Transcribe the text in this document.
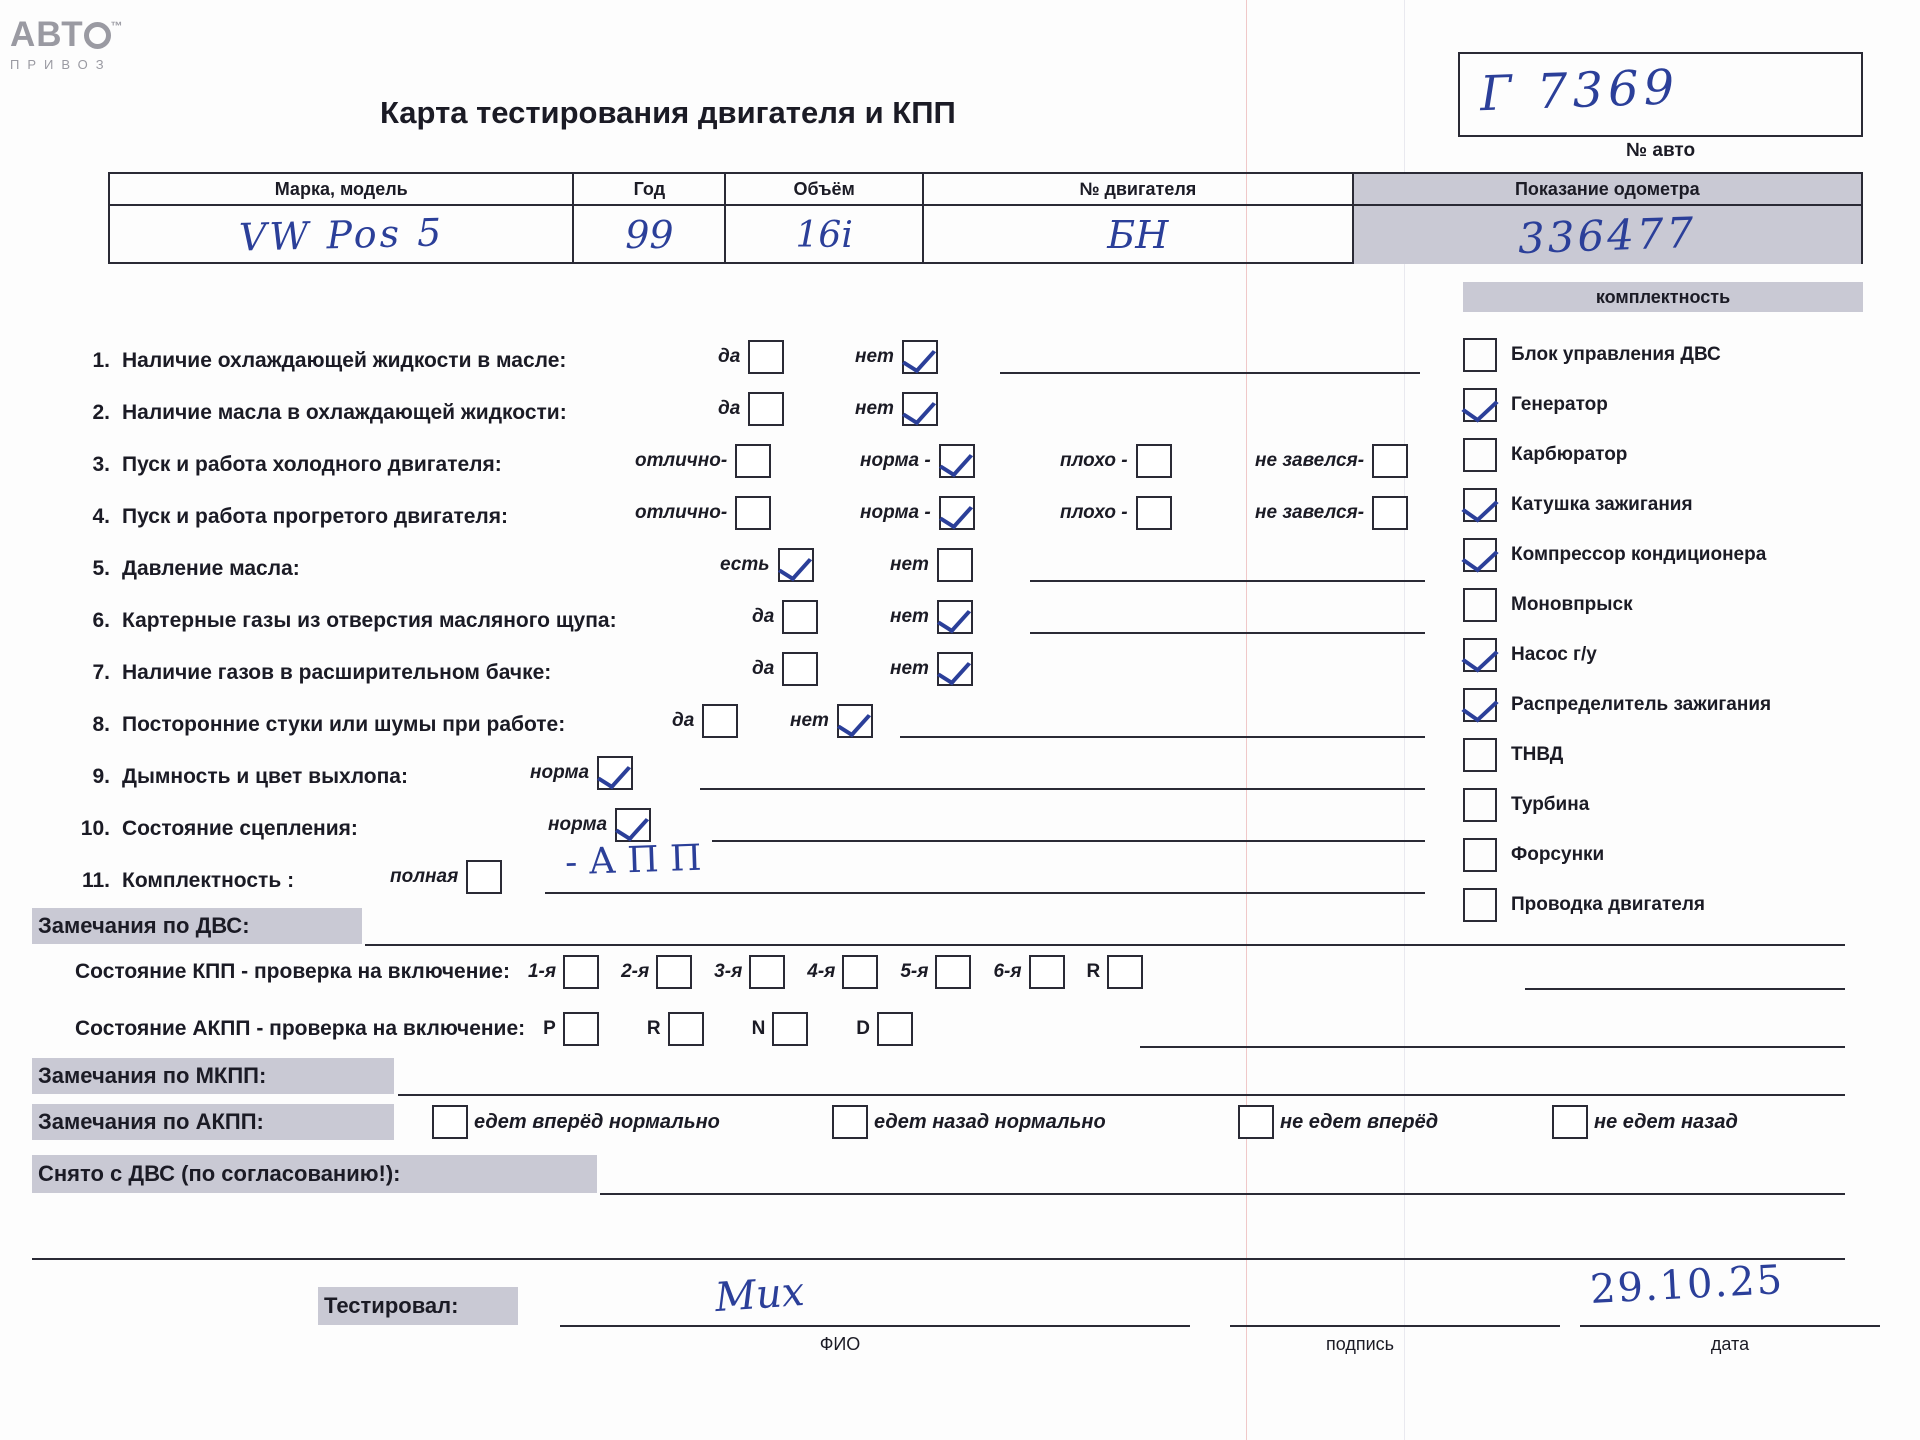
АВТ ™
ПРИВОЗ
Карта тестирования двигателя и КПП	Г 7369
№ авто
Марка, модель	Год	Объём	№ двигателя	Показание одометра
VW Pos 5	99	16i	БН	336477
комплектность
Блок управления ДВС
Генератор
Карбюратор
Катушка зажигания
Компрессор кондиционера
Моновпрыск
Насос г/у
Распределитель зажигания
ТНВД
Турбина
Форсунки
Проводка двигателя
1. Наличие охлаждающей жидкости в масле:	да	нет
2. Наличие масла в охлаждающей жидкости:	да	нет
3. Пуск и работа холодного двигателя:	отлично-	норма -	плохо -	не завелся-
4. Пуск и работа прогретого двигателя:	отлично-	норма -	плохо -	не завелся-
5. Давление масла:	есть	нет
6. Картерные газы из отверстия масляного щупа:	да	нет
7. Наличие газов в расширительном бачке:	да	нет
8. Посторонние стуки или шумы при работе:	да	нет
9. Дымность и цвет выхлопа:	норма
10. Состояние сцепления:	норма
11. Комплектность :	полная	- А П П
Замечания по ДВС:
Состояние КПП - проверка на включение: 1-я	2-я	3-я	4-я	5-я	6-я	R
Состояние АКПП - проверка на включение: P	R	N	D
Замечания по МКПП:
Замечания по АКПП:	едет вперёд нормально	едет назад нормально	не едет вперёд	не едет назад
Снято с ДВС (по согласованию!):
Тестировал:	Мих	29.10.25
ФИО	подпись	дата
